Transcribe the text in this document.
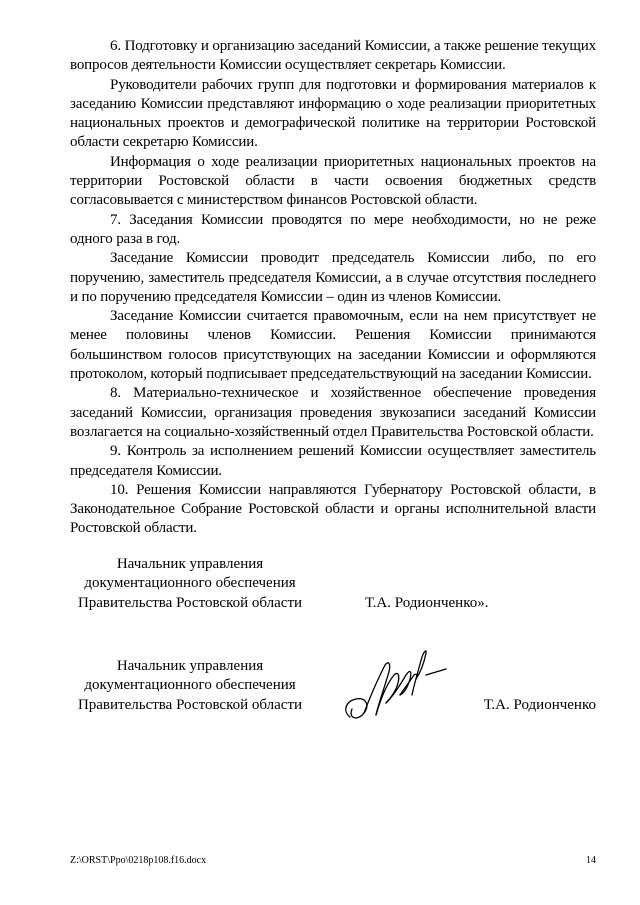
6. Подготовку и организацию заседаний Комиссии, а также решение текущих вопросов деятельности Комиссии осуществляет секретарь Комиссии.

Руководители рабочих групп для подготовки и формирования материалов к заседанию Комиссии представляют информацию о ходе реализации приоритетных национальных проектов и демографической политике на территории Ростовской области секретарю Комиссии.

Информация о ходе реализации приоритетных национальных проектов на территории Ростовской области в части освоения бюджетных средств согласовывается с министерством финансов Ростовской области.

7. Заседания Комиссии проводятся по мере необходимости, но не реже одного раза в год.

Заседание Комиссии проводит председатель Комиссии либо, по его поручению, заместитель председателя Комиссии, а в случае отсутствия последнего и по поручению председателя Комиссии – один из членов Комиссии.

Заседание Комиссии считается правомочным, если на нем присутствует не менее половины членов Комиссии. Решения Комиссии принимаются большинством голосов присутствующих на заседании Комиссии и оформляются протоколом, который подписывает председательствующий на заседании Комиссии.

8. Материально-техническое и хозяйственное обеспечение проведения заседаний Комиссии, организация проведения звукозаписи заседаний Комиссии возлагается на социально-хозяйственный отдел Правительства Ростовской области.

9. Контроль за исполнением решений Комиссии осуществляет заместитель председателя Комиссии.

10. Решения Комиссии направляются Губернатору Ростовской области, в Законодательное Собрание Ростовской области и органы исполнительной власти Ростовской области.

Начальник управления
документационного обеспечения
Правительства Ростовской области	Т.А. Родионченко».
Начальник управления
документационного обеспечения
Правительства Ростовской области	Т.А. Родионченко
Z:\ORST\Ppo\0218p108.f16.docx	14
